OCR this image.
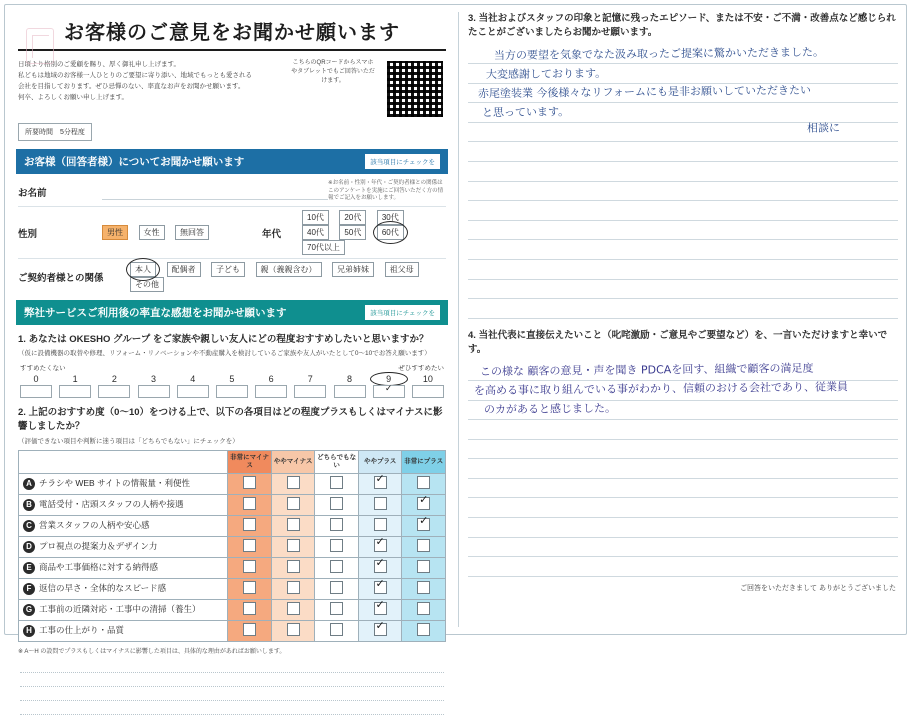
お客様のご意見をお聞かせ願います
日頃より格別のご愛顧を賜り、厚く御礼申し上げます。
私どもは地域のお客様一人ひとりのご要望に寄り添い、地域でもっとも愛される
会社を目指しております。ぜひ忌憚のない、率直なお声をお聞かせ願います。
何卒、よろしくお願い申し上げます。
こちらのQRコードからスマホやタブレットでもご回答いただけます。
所要時間　5分程度
お客様（回答者様）についてお聞かせ願います	該当項目にチェックを
お名前
※お名前・性別・年代・ご契約者様との関係はこのアンケートを実施にご回答いただく方の情報でご記入をお願いします。
性別	男性
	女性
	無回答	年代
10代
	20代
	30代

40代
	50代
	60代

70代以上
ご契約者様との関係
本人
	配偶者
	子ども
	親（義親含む）
	兄弟姉妹
	祖父母

その他
弊社サービスご利用後の率直な感想をお聞かせ願います	該当項目にチェックを
1. あなたは OKESHO グループ をご家族や親しい友人にどの程度おすすめしたいと思いますか？
（仮に設備機器の取替や修理、リフォーム・リノベーションや不動産購入を検討しているご家族や友人がいたとして0～10でお答え願います）
すすめたくない	ぜひすすめたい
0	1	2	3	4	5	6	7	8	9
✓	10
2. 上記のおすすめ度（0～10）をつける上で、以下の各項目はどの程度プラスもしくはマイナスに影響しましたか？
（評価できない項目や判断に迷う項目は「どちらでもない」にチェックを）
	非常にマイナス	ややマイナス	どちらでもない	ややプラス	非常にプラス
A チラシや WEB サイトの情報量・利便性				✓	
B 電話受付・店頭スタッフの人柄や接遇					✓
C 営業スタッフの人柄や安心感					✓
D プロ視点の提案力＆デザイン力				✓	
E 商品や工事価格に対する納得感				✓	
F 返信の早さ・全体的なスピード感				✓	
G 工事前の近隣対応・工事中の清掃（養生）				✓	
H 工事の仕上がり・品質				✓	
※ A～H の設問でプラスもしくはマイナスに影響した項目は、具体的な理由があればお願いします。
3. 当社およびスタッフの印象と記憶に残ったエピソード、または不安・ご不満・改善点など感じられたことがございましたらお聞かせ願います。
当方の要望を気象でなた汲み取ったご提案に驚かいただきました。
大変感謝しております。
赤尾塗装業 今後様々なリフォームにも是非お願いしていただきたい
と思っています。
相談に
4. 当社代表に直接伝えたいこと（叱咤激励・ご意見やご要望など）を、一言いただけますと幸いです。
この様な 顧客の意見・声を聞き PDCAを回す、組織で顧客の満足度
を高める事に取り組んでいる事がわかり、信頼のおける会社であり、従業員
のカがあると感じました。
ご回答をいただきまして ありがとうございました
